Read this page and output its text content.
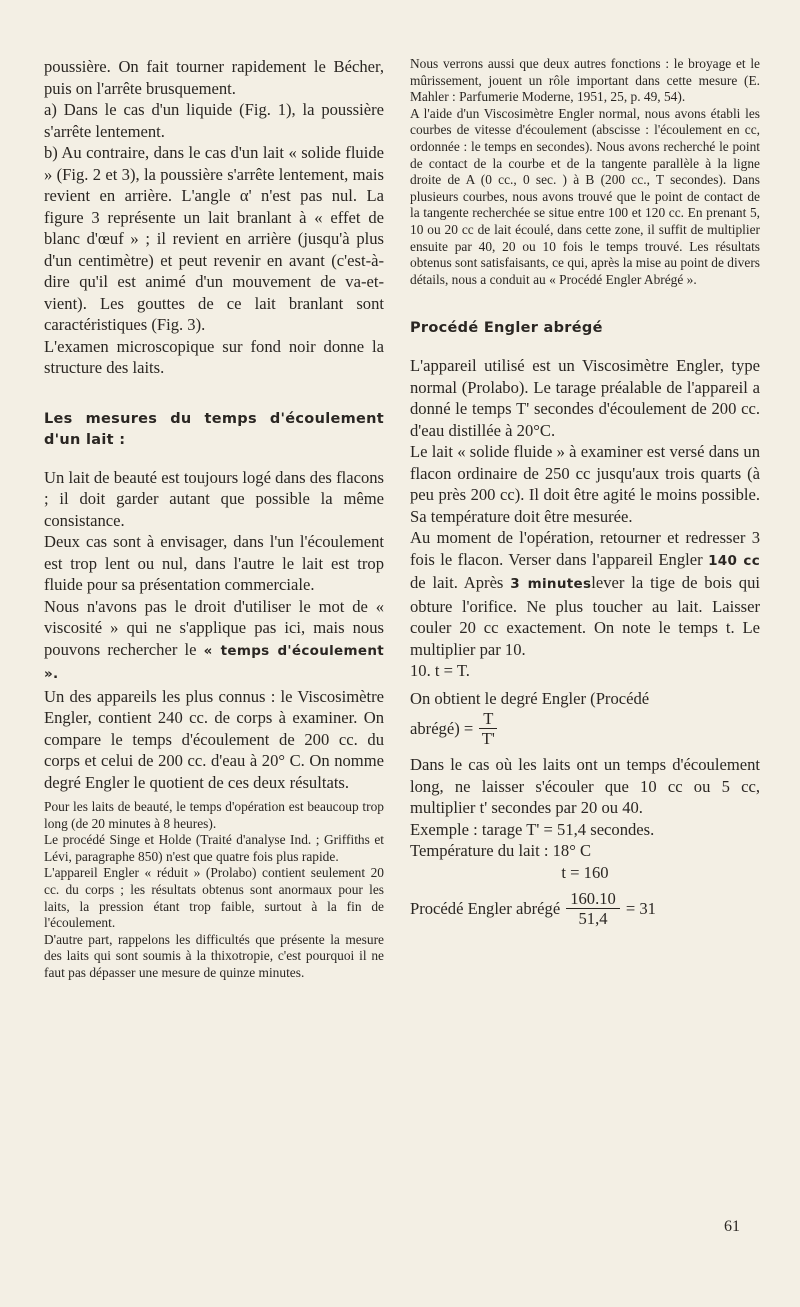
poussière. On fait tourner rapidement le Bécher, puis on l'arrête brusquement.

a) Dans le cas d'un liquide (Fig. 1), la poussière s'arrête lentement.

b) Au contraire, dans le cas d'un lait « solide fluide » (Fig. 2 et 3), la poussière s'arrête lentement, mais revient en arrière. L'angle α' n'est pas nul. La figure 3 représente un lait branlant à « effet de blanc d'œuf » ; il revient en arrière (jusqu'à plus d'un centimètre) et peut revenir en avant (c'est-à-dire qu'il est animé d'un mouvement de va-et-vient). Les gouttes de ce lait branlant sont caractéristiques (Fig. 3).

L'examen microscopique sur fond noir donne la structure des laits.

Les mesures du temps d'écoulement d'un lait :

Un lait de beauté est toujours logé dans des flacons ; il doit garder autant que possible la même consistance.

Deux cas sont à envisager, dans l'un l'écoulement est trop lent ou nul, dans l'autre le lait est trop fluide pour sa présentation commerciale.

Nous n'avons pas le droit d'utiliser le mot de « viscosité » qui ne s'applique pas ici, mais nous pouvons rechercher le « temps d'écoulement ».

Un des appareils les plus connus : le Viscosimètre Engler, contient 240 cc. de corps à examiner. On compare le temps d'écoulement de 200 cc. du corps et celui de 200 cc. d'eau à 20° C. On nomme degré Engler le quotient de ces deux résultats.

Pour les laits de beauté, le temps d'opération est beaucoup trop long (de 20 minutes à 8 heures).

Le procédé Singe et Holde (Traité d'analyse Ind. ; Griffiths et Lévi, paragraphe 850) n'est que quatre fois plus rapide.

L'appareil Engler « réduit » (Prolabo) contient seulement 20 cc. du corps ; les résultats obtenus sont anormaux pour les laits, la pression étant trop faible, surtout à la fin de l'écoulement.

D'autre part, rappelons les difficultés que présente la mesure des laits qui sont soumis à la thixotropie, c'est pourquoi il ne faut pas dépasser une mesure de quinze minutes.

Nous verrons aussi que deux autres fonctions : le broyage et le mûrissement, jouent un rôle important dans cette mesure (E. Mahler : Parfumerie Moderne, 1951, 25, p. 49, 54).

A l'aide d'un Viscosimètre Engler normal, nous avons établi les courbes de vitesse d'écoulement (abscisse : l'écoulement en cc, ordonnée : le temps en secondes). Nous avons recherché le point de contact de la courbe et de la tangente parallèle à la ligne droite de A (0 cc., 0 sec. ) à B (200 cc., T secondes). Dans plusieurs courbes, nous avons trouvé que le point de contact de la tangente recherchée se situe entre 100 et 120 cc. En prenant 5, 10 ou 20 cc de lait écoulé, dans cette zone, il suffit de multiplier ensuite par 40, 20 ou 10 fois le temps trouvé. Les résultats obtenus sont satisfaisants, ce qui, après la mise au point de divers détails, nous a conduit au « Procédé Engler Abrégé ».

Procédé Engler abrégé

L'appareil utilisé est un Viscosimètre Engler, type normal (Prolabo). Le tarage préalable de l'appareil a donné le temps T' secondes d'écoulement de 200 cc. d'eau distillée à 20°C.

Le lait « solide fluide » à examiner est versé dans un flacon ordinaire de 250 cc jusqu'aux trois quarts (à peu près 200 cc). Il doit être agité le moins possible. Sa température doit être mesurée.

Au moment de l'opération, retourner et redresser 3 fois le flacon. Verser dans l'appareil Engler 140 cc de lait. Après 3 minuteslever la tige de bois qui obture l'orifice. Ne plus toucher au lait. Laisser couler 20 cc exactement. On note le temps t. Le multiplier par 10.

10. t = T.

On obtient le degré Engler (Procédé

abrégé) = $\frac{T}{T'}$

Dans le cas où les laits ont un temps d'écoulement long, ne laisser s'écouler que 10 cc ou 5 cc, multiplier t' secondes par 20 ou 40.

Exemple : tarage T' = 51,4 secondes.

Température du lait : 18° C

t = 160

Procédé Engler abrégé $\frac{160.10}{51,4} = 31$
61
